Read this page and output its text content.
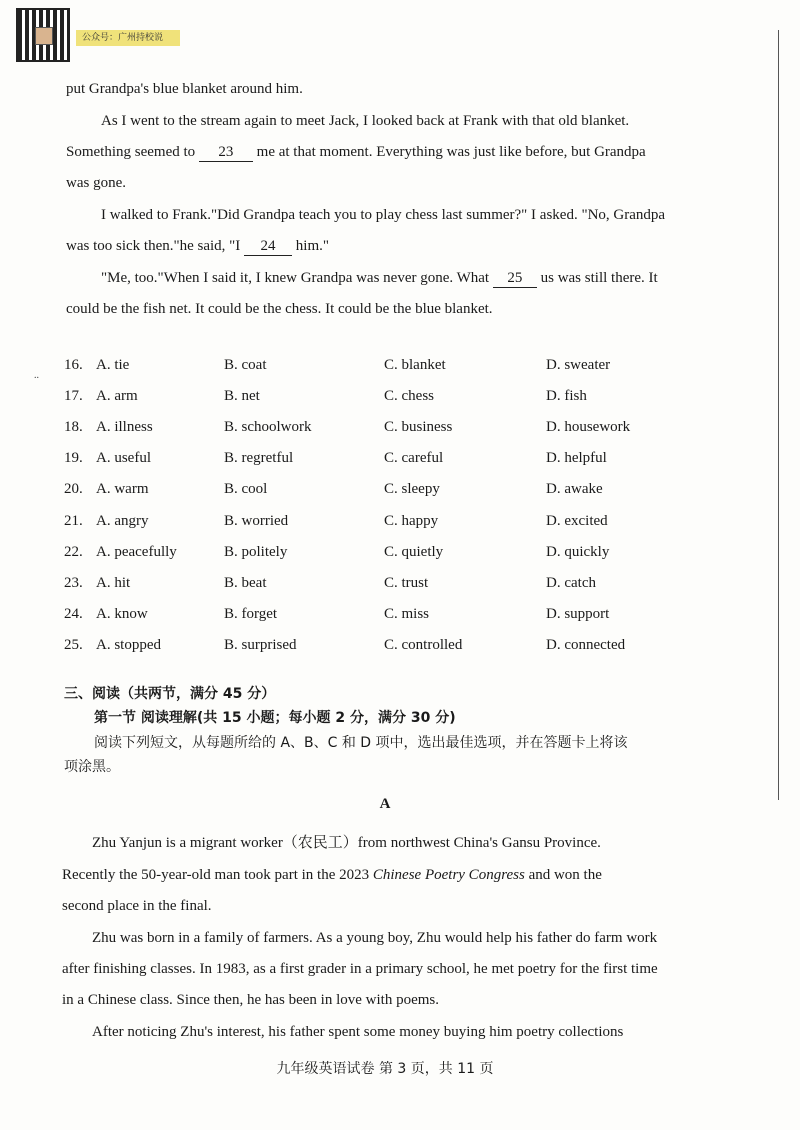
公众号：广州持校说

put Grandpa's blue blanket around him.

As I went to the stream again to meet Jack, I looked back at Frank with that old blanket.

Something seemed to 23 me at that moment. Everything was just like before, but Grandpa

was gone.

I walked to Frank."Did Grandpa teach you to play chess last summer?" I asked. "No, Grandpa

was too sick then."he said, "I 24 him."

"Me, too."When I said it, I knew Grandpa was never gone. What 25 us was still there. It

could be the fish net. It could be the chess. It could be the blue blanket.

..
16. A. tie	B. coat	C. blanket	D. sweater
17. A. arm	B. net	C. chess	D. fish
18. A. illness	B. schoolwork	C. business	D. housework
19. A. useful	B. regretful	C. careful	D. helpful
20. A. warm	B. cool	C. sleepy	D. awake
21. A. angry	B. worried	C. happy	D. excited
22. A. peacefully	B. politely	C. quietly	D. quickly
23. A. hit	B. beat	C. trust	D. catch
24. A. know	B. forget	C. miss	D. support
25. A. stopped	B. surprised	C. controlled	D. connected
三、阅读（共两节，满分 45 分）
第一节 阅读理解(共 15 小题；每小题 2 分，满分 30 分)
阅读下列短文，从每题所给的 A、B、C 和 D 项中，选出最佳选项，并在答题卡上将该
项涂黑。
A

Zhu Yanjun is a migrant worker（农民工）from northwest China's Gansu Province.

Recently the 50-year-old man took part in the 2023 Chinese Poetry Congress and won the

second place in the final.

Zhu was born in a family of farmers. As a young boy, Zhu would help his father do farm work

after finishing classes. In 1983, as a first grader in a primary school, he met poetry for the first time

in a Chinese class. Since then, he has been in love with poems.

After noticing Zhu's interest, his father spent some money buying him poetry collections

九年级英语试卷 第 3 页，共 11 页
